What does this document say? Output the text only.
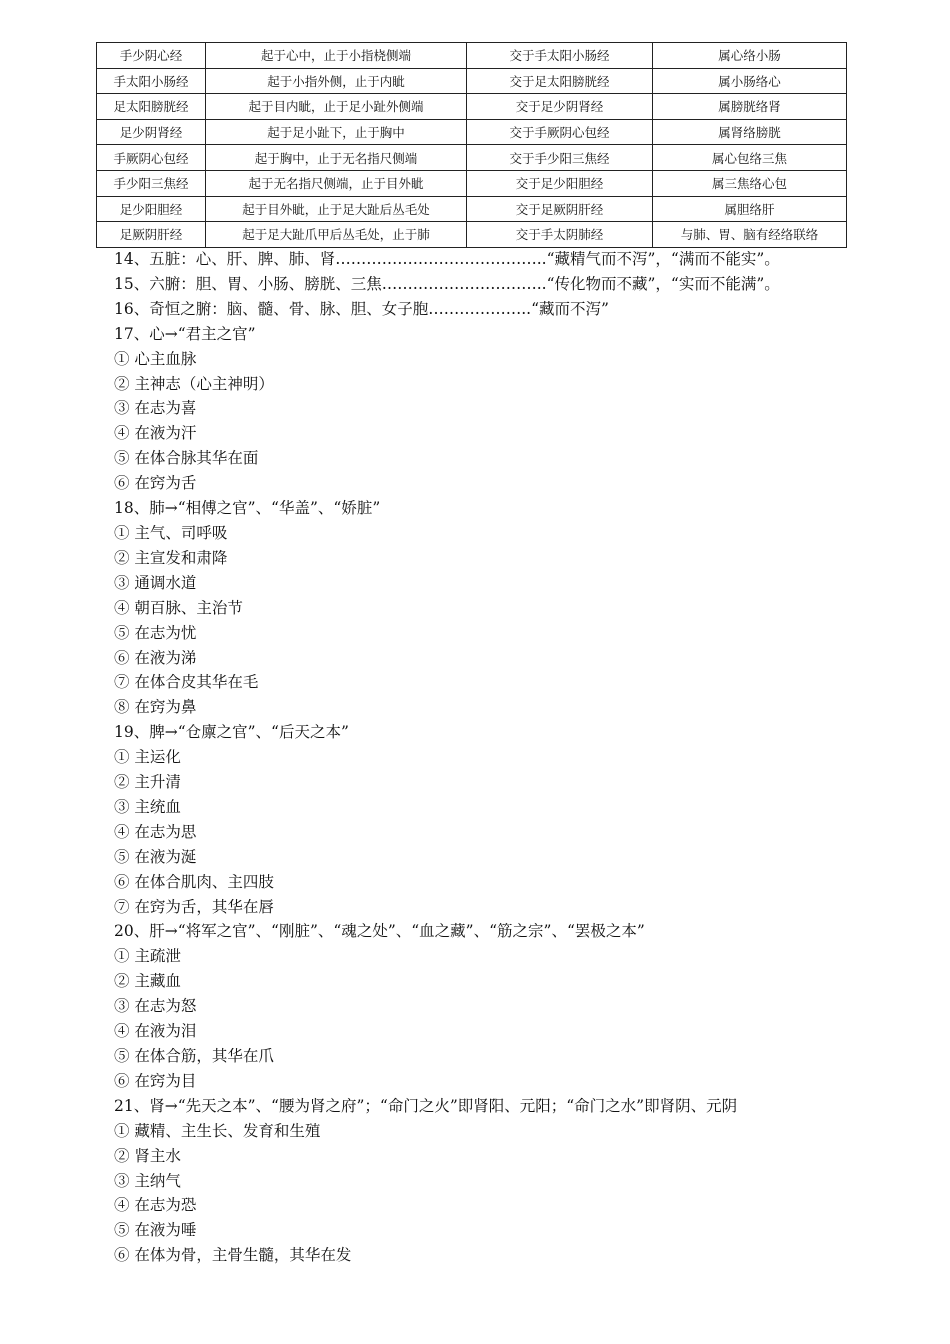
手少阴心经	起于心中，止于小指桡侧端	交于手太阳小肠经	属心络小肠
手太阳小肠经	起于小指外侧，止于内眦	交于足太阳膀胱经	属小肠络心
足太阳膀胱经	起于目内眦，止于足小趾外侧端	交于足少阴肾经	属膀胱络肾
足少阴肾经	起于足小趾下，止于胸中	交于手厥阴心包经	属肾络膀胱
手厥阴心包经	起于胸中，止于无名指尺侧端	交于手少阳三焦经	属心包络三焦
手少阳三焦经	起于无名指尺侧端，止于目外眦	交于足少阳胆经	属三焦络心包
足少阳胆经	起于目外眦，止于足大趾后丛毛处	交于足厥阴肝经	属胆络肝
足厥阴肝经	起于足大趾爪甲后丛毛处，止于肺	交于手太阴肺经	与肺、胃、脑有经络联络
14、五脏：心、肝、脾、肺、肾…………………………………..“藏精气而不泻”，“满而不能实”。
15、六腑：胆、胃、小肠、膀胱、三焦…………………………..“传化物而不藏”，“实而不能满”。
16、奇恒之腑：脑、髓、骨、脉、胆、女子胞………………..“藏而不泻”
17、心→“君主之官”
① 心主血脉
② 主神志（心主神明）
③ 在志为喜
④ 在液为汗
⑤ 在体合脉其华在面
⑥ 在窍为舌
18、肺→“相傅之官”、“华盖”、“娇脏”
① 主气、司呼吸
② 主宣发和肃降
③ 通调水道
④ 朝百脉、主治节
⑤ 在志为忧
⑥ 在液为涕
⑦ 在体合皮其华在毛
⑧ 在窍为鼻
19、脾→“仓廪之官”、“后天之本”
① 主运化
② 主升清
③ 主统血
④ 在志为思
⑤ 在液为涎
⑥ 在体合肌肉、主四肢
⑦ 在窍为舌，其华在唇
20、肝→“将军之官”、“刚脏”、“魂之处”、“血之藏”、“筋之宗”、“罢极之本”
① 主疏泄
② 主藏血
③ 在志为怒
④ 在液为泪
⑤ 在体合筋，其华在爪
⑥ 在窍为目
21、肾→“先天之本”、“腰为肾之府”；“命门之火”即肾阳、元阳；“命门之水”即肾阴、元阴
① 藏精、主生长、发育和生殖
② 肾主水
③ 主纳气
④ 在志为恐
⑤ 在液为唾
⑥ 在体为骨，主骨生髓，其华在发
